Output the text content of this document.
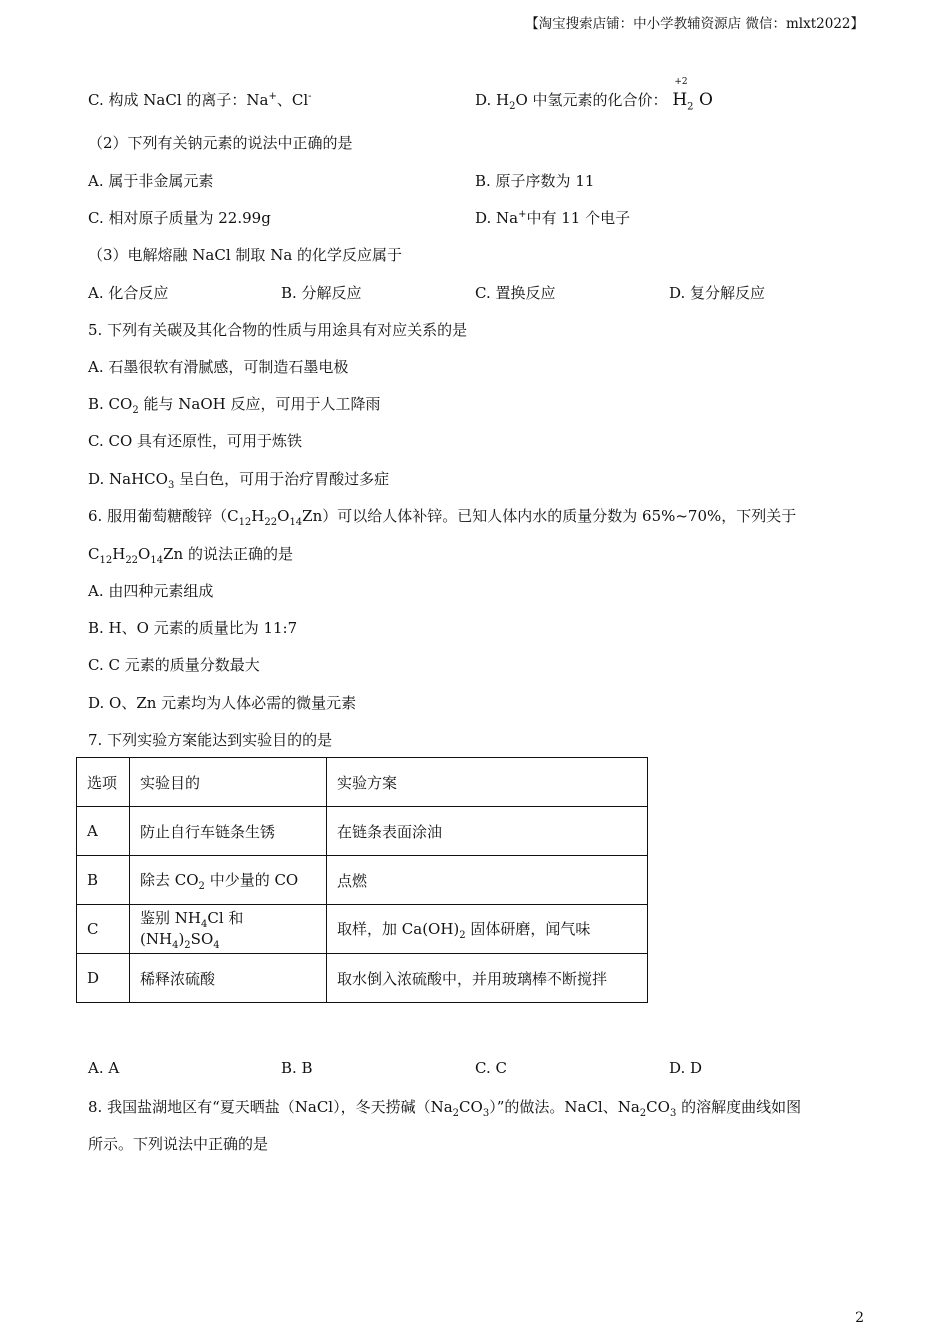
【淘宝搜索店铺：中小学教辅资源店 微信：mlxt2022】
C. 构成 NaCl 的离子：Na+、Cl-	D. $H_2O$ 中氢元素的化合价：
+2
$H_2$ O
（2）下列有关钠元素的说法中正确的是
A. 属于非金属元素	B. 原子序数为 11
C. 相对原子质量为 22.99g	D. Na+中有 11 个电子
（3）电解熔融 NaCl 制取 Na 的化学反应属于
A. 化合反应	B. 分解反应	C. 置换反应	D. 复分解反应
5. 下列有关碳及其化合物的性质与用途具有对应关系的是
A. 石墨很软有滑腻感，可制造石墨电极
B. $CO_2$ 能与 NaOH 反应，可用于人工降雨
C. CO 具有还原性，可用于炼铁
D. NaHCO$_3$ 呈白色，可用于治疗胃酸过多症
6. 服用葡萄糖酸锌$(C_{12}H_{22}O_{14}Zn)$可以给人体补锌。已知人体内水的质量分数为 65%~70%，下列关于
$C_{12}H_{22}O_{14}Zn$ 的说法正确的是
A. 由四种元素组成
B. H、O 元素的质量比为 11:7
C. C 元素的质量分数最大
D. O、Zn 元素均为人体必需的微量元素
7. 下列实验方案能达到实验目的的是
选项	实验目的	实验方案
A	防止自行车链条生锈	在链条表面涂油
B	除去 $CO_2$ 中少量的 CO	点燃
C	鉴别 $NH_4Cl$ 和$(NH_4)_2SO_4$	取样，加 $Ca(OH)_2$ 固体研磨，闻气味
D	稀释浓硫酸	取水倒入浓硫酸中，并用玻璃棒不断搅拌
A. A	B. B	C. C	D. D
8. 我国盐湖地区有“夏天晒盐（NaCl），冬天捞碱$(Na_2CO_3)$”的做法。NaCl、$Na_2CO_3$ 的溶解度曲线如图
所示。下列说法中正确的是
2
